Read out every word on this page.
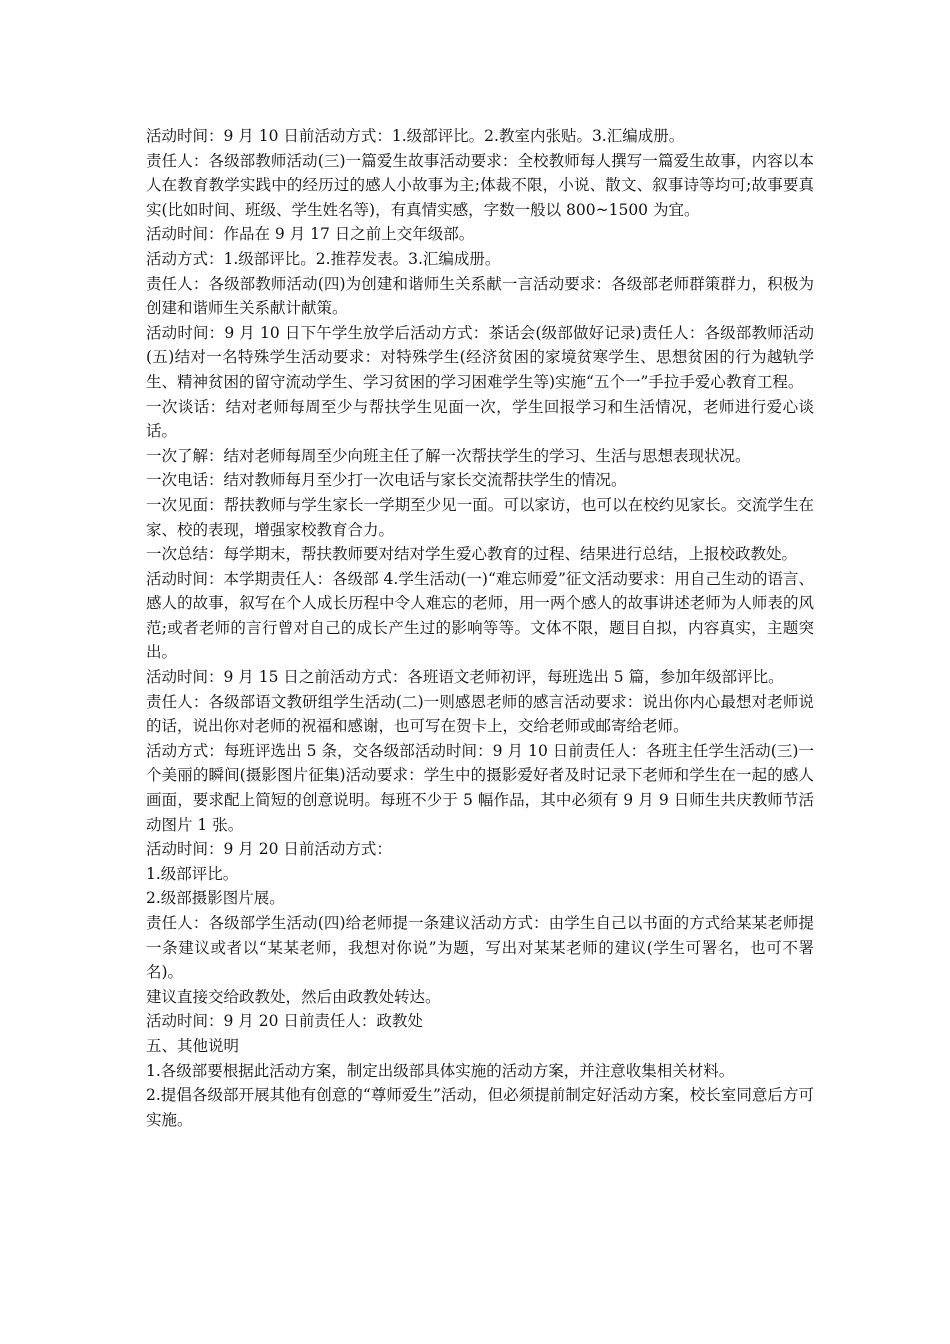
活动时间：9 月 10 日前活动方式：1.级部评比。2.教室内张贴。3.汇编成册。

责任人：各级部教师活动(三)一篇爱生故事活动要求：全校教师每人撰写一篇爱生故事，内容以本人在教育教学实践中的经历过的感人小故事为主;体裁不限，小说、散文、叙事诗等均可;故事要真实(比如时间、班级、学生姓名等)，有真情实感，字数一般以 800~1500 为宜。

活动时间：作品在 9 月 17 日之前上交年级部。

活动方式：1.级部评比。2.推荐发表。3.汇编成册。

责任人：各级部教师活动(四)为创建和谐师生关系献一言活动要求：各级部老师群策群力，积极为创建和谐师生关系献计献策。

活动时间：9 月 10 日下午学生放学后活动方式：茶话会(级部做好记录)责任人：各级部教师活动(五)结对一名特殊学生活动要求：对特殊学生(经济贫困的家境贫寒学生、思想贫困的行为越轨学生、精神贫困的留守流动学生、学习贫困的学习困难学生等)实施“五个一”手拉手爱心教育工程。

一次谈话：结对老师每周至少与帮扶学生见面一次，学生回报学习和生活情况，老师进行爱心谈话。

一次了解：结对老师每周至少向班主任了解一次帮扶学生的学习、生活与思想表现状况。

一次电话：结对教师每月至少打一次电话与家长交流帮扶学生的情况。

一次见面：帮扶教师与学生家长一学期至少见一面。可以家访，也可以在校约见家长。交流学生在家、校的表现，增强家校教育合力。

一次总结：每学期末，帮扶教师要对结对学生爱心教育的过程、结果进行总结，上报校政教处。

活动时间：本学期责任人：各级部 4.学生活动(一)“难忘师爱”征文活动要求：用自己生动的语言、感人的故事，叙写在个人成长历程中令人难忘的老师，用一两个感人的故事讲述老师为人师表的风范;或者老师的言行曾对自己的成长产生过的影响等等。文体不限，题目自拟，内容真实，主题突出。

活动时间：9 月 15 日之前活动方式：各班语文老师初评，每班选出 5 篇，参加年级部评比。

责任人：各级部语文教研组学生活动(二)一则感恩老师的感言活动要求：说出你内心最想对老师说的话，说出你对老师的祝福和感谢，也可写在贺卡上，交给老师或邮寄给老师。

活动方式：每班评选出 5 条，交各级部活动时间：9 月 10 日前责任人：各班主任学生活动(三)一个美丽的瞬间(摄影图片征集)活动要求：学生中的摄影爱好者及时记录下老师和学生在一起的感人画面，要求配上简短的创意说明。每班不少于 5 幅作品，其中必须有 9 月 9 日师生共庆教师节活动图片 1 张。

活动时间：9 月 20 日前活动方式：

1.级部评比。

2.级部摄影图片展。

责任人：各级部学生活动(四)给老师提一条建议活动方式：由学生自己以书面的方式给某某老师提一条建议或者以“某某老师，我想对你说”为题，写出对某某老师的建议(学生可署名，也可不署名)。

建议直接交给政教处，然后由政教处转达。

活动时间：9 月 20 日前责任人：政教处

五、其他说明

1.各级部要根据此活动方案，制定出级部具体实施的活动方案，并注意收集相关材料。

2.提倡各级部开展其他有创意的“尊师爱生”活动，但必须提前制定好活动方案，校长室同意后方可实施。
